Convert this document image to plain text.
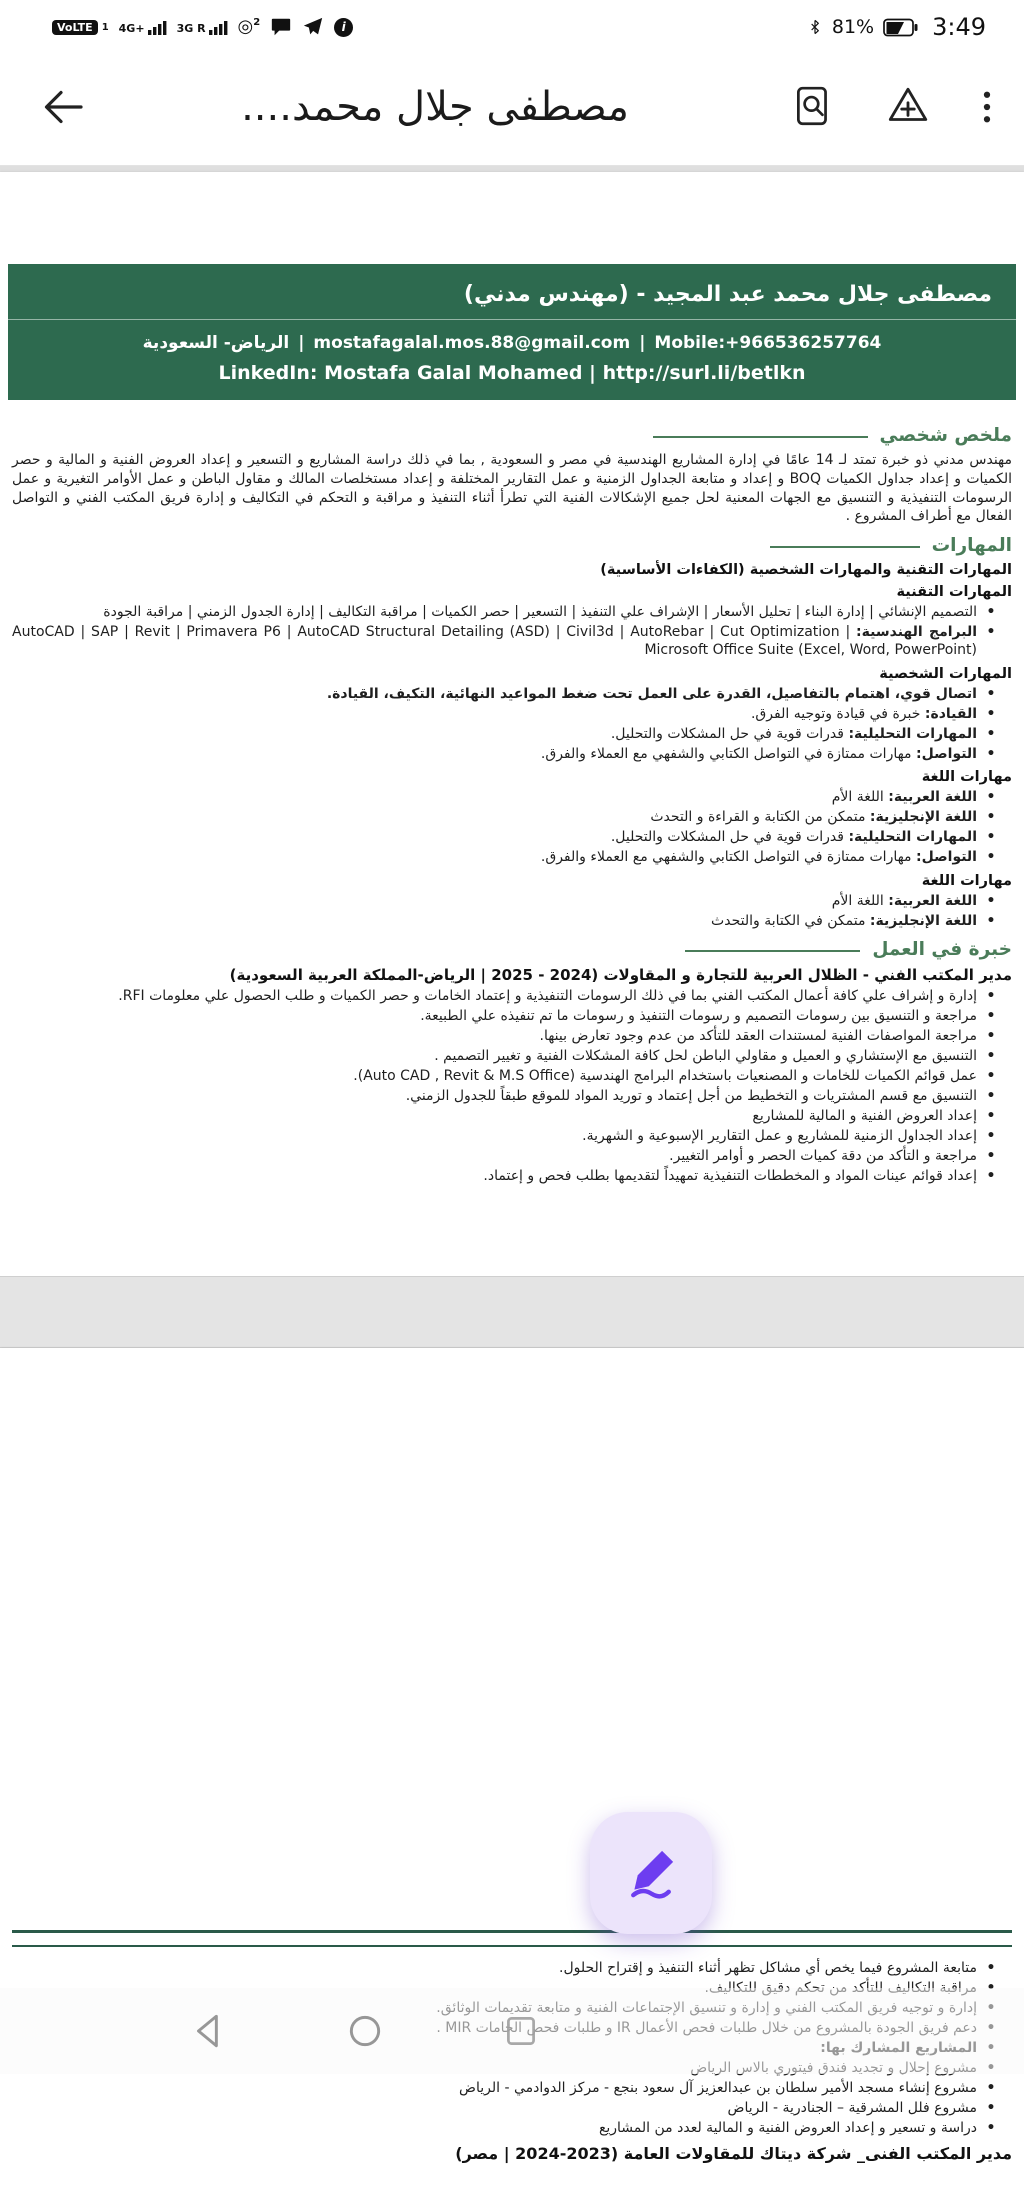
VoLTE 1 4G+	3G R ◎$^2$	i	81% 3:49
مصطفى جلال محمد....
مصطفى جلال محمد عبد المجيد - (مهندس مدني)
الرياض- السعودية | mostafagalal.mos.88@gmail.com | Mobile:+966536257764
LinkedIn: Mostafa Galal Mohamed | http://surl.li/betlkn
ملخص شخصي
مهندس مدني ذو خبرة تمتد لـ 14 عامًا في إدارة المشاريع الهندسية في مصر و السعودية , بما في ذلك دراسة المشاريع و التسعير و إعداد العروض الفنية و المالية و حصر الكميات و إعداد جداول الكميات BOQ و إعداد و متابعة الجداول الزمنية و عمل التقارير المختلفة و إعداد مستخلصات المالك و مقاول الباطن و عمل الأوامر التغيرية و عمل الرسومات التنفيذية و التنسيق مع الجهات المعنية لحل جميع الإشكالات الفنية التي تطرأ أثناء التنفيذ و مراقبة و التحكم في التكاليف و إدارة فريق المكتب الفني و التواصل الفعال مع أطراف المشروع .
المهارات
المهارات التقنية والمهارات الشخصية (الكفاءات الأساسية)
المهارات التقنية
•
التصميم الإنشائي | إدارة البناء | تحليل الأسعار | الإشراف علي التنفيذ | التسعير | حصر الكميات | مراقبة التكاليف | إدارة الجدول الزمني | مراقبة الجودة
•
البرامج الهندسية: AutoCAD | SAP | Revit | Primavera P6 | AutoCAD Structural Detailing (ASD) | Civil3d | AutoRebar | Cut Optimization | Microsoft Office Suite (Excel, Word, PowerPoint)
المهارات الشخصية
•
اتصال قوي، اهتمام بالتفاصيل، القدرة على العمل تحت ضغط المواعيد النهائية، التكيف، القيادة.
•
القيادة: خبرة في قيادة وتوجيه الفرق.
•
المهارات التحليلية: قدرات قوية في حل المشكلات والتحليل.
•
التواصل: مهارات ممتازة في التواصل الكتابي والشفهي مع العملاء والفرق.
مهارات اللغة
•
اللغة العربية: اللغة الأم
•
اللغة الإنجليزية: متمكن من الكتابة و القراءة و التحدث
•
المهارات التحليلية: قدرات قوية في حل المشكلات والتحليل.
•
التواصل: مهارات ممتازة في التواصل الكتابي والشفهي مع العملاء والفرق.
مهارات اللغة
•
اللغة العربية: اللغة الأم
•
اللغة الإنجليزية: متمكن في الكتابة والتحدث
خبرة في العمل
مدير المكتب الفني - الظلال العربية للتجارة و المقاولات (2024 - 2025 | الرياض-المملكة العربية السعودية)
•
إدارة و إشراف علي كافة أعمال المكتب الفني بما في ذلك الرسومات التنفيذية و إعتماد الخامات و حصر الكميات و طلب الحصول علي معلومات RFI.
•
مراجعة و التنسيق بين رسومات التصميم و رسومات التنفيذ و رسومات ما تم تنفيذه علي الطبيعة.
•
مراجعة المواصفات الفنية لمستندات العقد للتأكد من عدم وجود تعارض بينها.
•
التنسيق مع الإستشاري و العميل و مقاولي الباطن لحل كافة المشكلات الفنية و تغيير التصميم .
•
عمل قوائم الكميات للخامات و المصنعيات باستخدام البرامج الهندسية (Auto CAD , Revit & M.S Office).
•
التنسيق مع قسم المشتريات و التخطيط من أجل إعتماد و توريد المواد للموقع طبقاً للجدول الزمني.
•
إعداد العروض الفنية و المالية للمشاريع
•
إعداد الجداول الزمنية للمشاريع و عمل التقارير الإسبوعية و الشهرية.
•
مراجعة و التأكد من دقة كميات الحصر و أوامر التغيير.
•
إعداد قوائم عينات المواد و المخططات التنفيذية تمهيداً لتقديمها بطلب فحص و إعتماد.
•
متابعة المشروع فيما يخص أي مشاكل تظهر أثناء التنفيذ و إقتراح الحلول.
•
مشروع إنشاء مسجد الأمير سلطان بن عبدالعزيز آل سعود بنجع - مركز الدوادمي - الرياض
•
مشروع فلل المشرقية – الجنادرية - الرياض
•
دراسة و تسعير و إعداد العروض الفنية و المالية لعدد من المشاريع
مدير المكتب الفنى_ شركة ديتاك للمقاولات العامة (2023-2024 | مصر)
